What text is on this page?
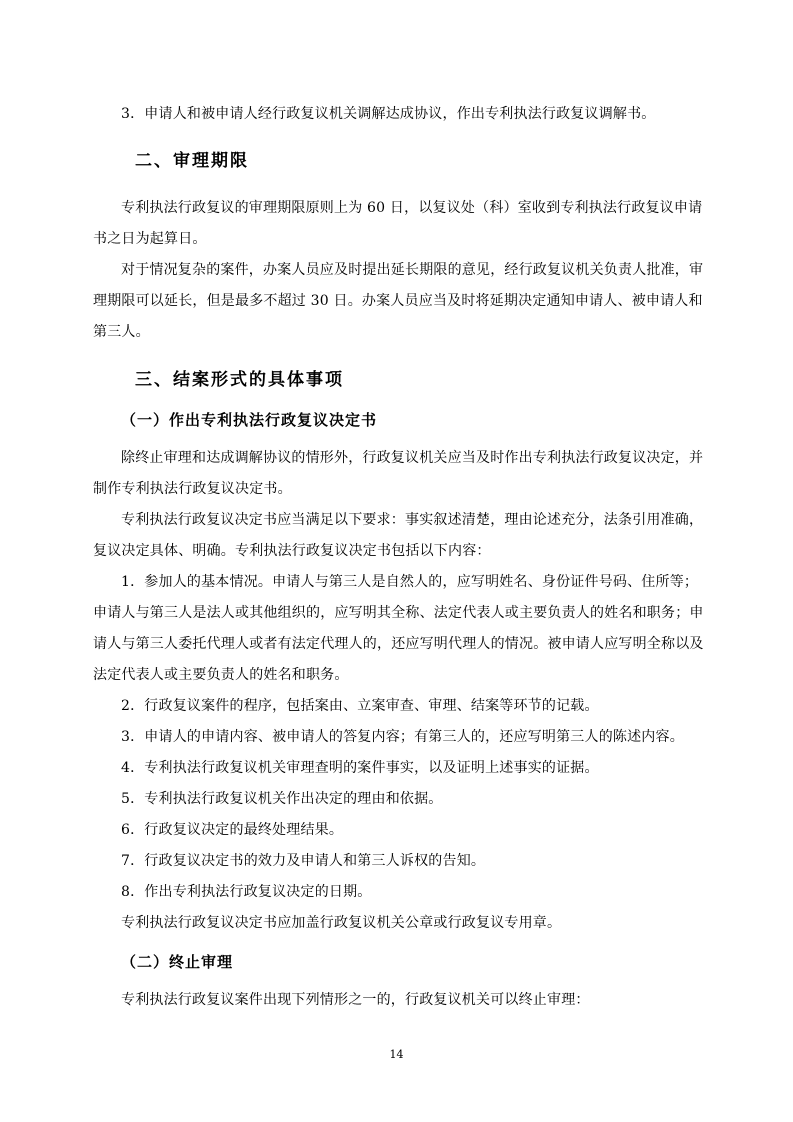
3．申请人和被申请人经行政复议机关调解达成协议，作出专利执法行政复议调解书。
二、审理期限
专利执法行政复议的审理期限原则上为 60 日，以复议处（科）室收到专利执法行政复议申请
书之日为起算日。
对于情况复杂的案件，办案人员应及时提出延长期限的意见，经行政复议机关负责人批准，审
理期限可以延长，但是最多不超过 30 日。办案人员应当及时将延期决定通知申请人、被申请人和
第三人。
三、结案形式的具体事项
（一）作出专利执法行政复议决定书
除终止审理和达成调解协议的情形外，行政复议机关应当及时作出专利执法行政复议决定，并
制作专利执法行政复议决定书。
专利执法行政复议决定书应当满足以下要求：事实叙述清楚，理由论述充分，法条引用准确，
复议决定具体、明确。专利执法行政复议决定书包括以下内容：
1．参加人的基本情况。申请人与第三人是自然人的，应写明姓名、身份证件号码、住所等；
申请人与第三人是法人或其他组织的，应写明其全称、法定代表人或主要负责人的姓名和职务；申
请人与第三人委托代理人或者有法定代理人的，还应写明代理人的情况。被申请人应写明全称以及
法定代表人或主要负责人的姓名和职务。
2．行政复议案件的程序，包括案由、立案审查、审理、结案等环节的记载。
3．申请人的申请内容、被申请人的答复内容；有第三人的，还应写明第三人的陈述内容。
4．专利执法行政复议机关审理查明的案件事实，以及证明上述事实的证据。
5．专利执法行政复议机关作出决定的理由和依据。
6．行政复议决定的最终处理结果。
7．行政复议决定书的效力及申请人和第三人诉权的告知。
8．作出专利执法行政复议决定的日期。
专利执法行政复议决定书应加盖行政复议机关公章或行政复议专用章。
（二）终止审理
专利执法行政复议案件出现下列情形之一的，行政复议机关可以终止审理：
14
